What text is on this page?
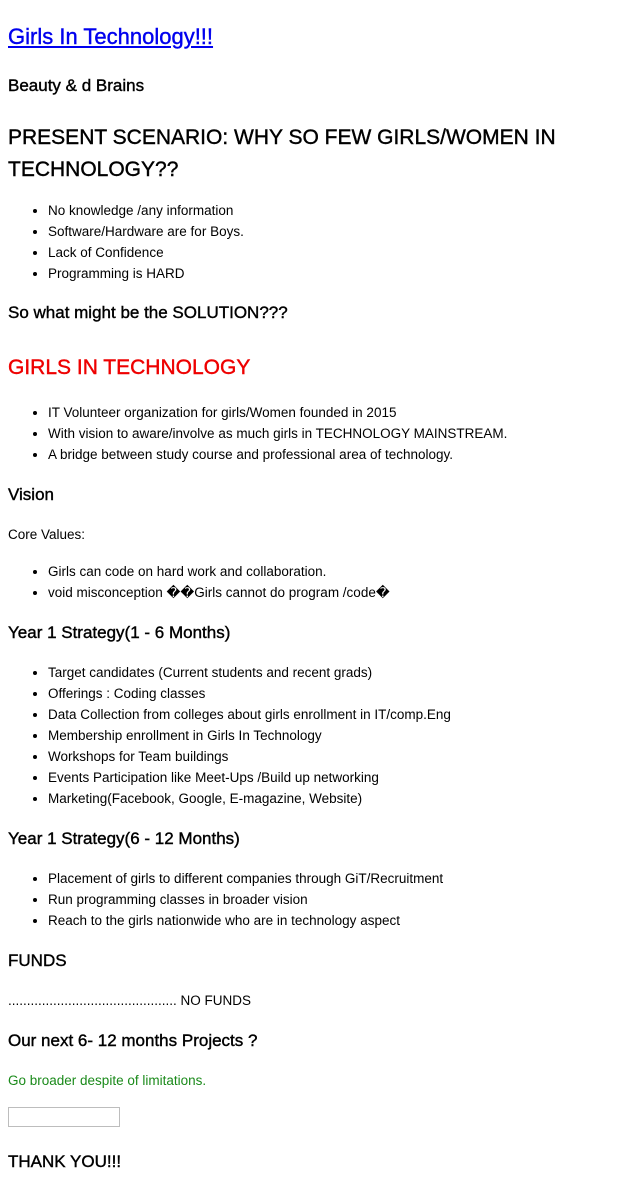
Girls In Technology!!!
Beauty & d Brains
PRESENT SCENARIO: WHY SO FEW GIRLS/WOMEN IN TECHNOLOGY??
• No knowledge /any information
• Software/Hardware are for Boys.
• Lack of Confidence
• Programming is HARD
So what might be the SOLUTION???
GIRLS IN TECHNOLOGY
• IT Volunteer organization for girls/Women founded in 2015
• With vision to aware/involve as much girls in TECHNOLOGY MAINSTREAM.
• A bridge between study course and professional area of technology.
Vision

Core Values:

• Girls can code on hard work and collaboration.
• void misconception ��Girls cannot do program /code�
Year 1 Strategy(1 - 6 Months)
• Target candidates (Current students and recent grads)
• Offerings : Coding classes
• Data Collection from colleges about girls enrollment in IT/comp.Eng
• Membership enrollment in Girls In Technology
• Workshops for Team buildings
• Events Participation like Meet-Ups /Build up networking
• Marketing(Facebook, Google, E-magazine, Website)
Year 1 Strategy(6 - 12 Months)
• Placement of girls to different companies through GiT/Recruitment
• Run programming classes in broader vision
• Reach to the girls nationwide who are in technology aspect
FUNDS

............................................. NO FUNDS

Our next 6- 12 months Projects ?

Go broader despite of limitations.

THANK YOU!!!
